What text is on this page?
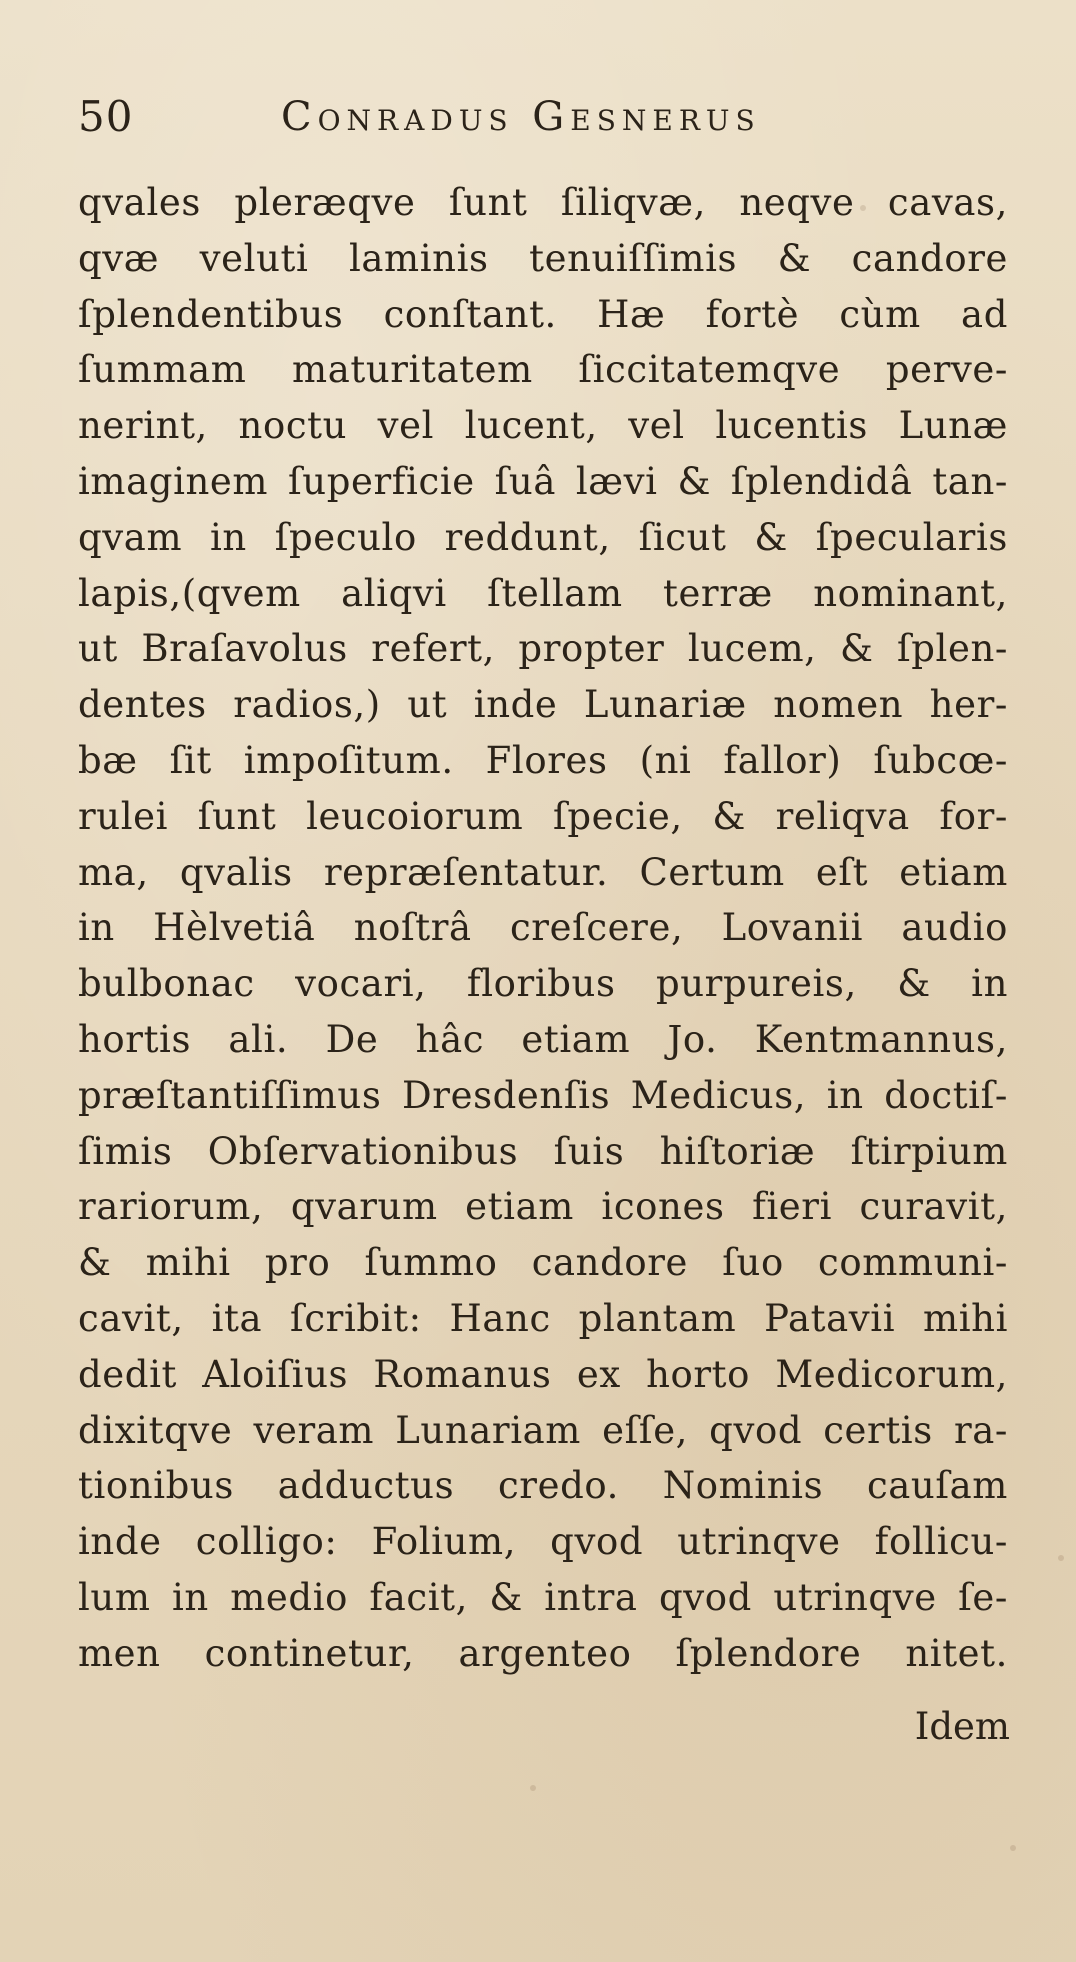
50	Conradus Gesnerus
qvales pleræqve ſunt ſiliqvæ, neqve cavas,
qvæ veluti laminis tenuiſſimis & candore
ſplendentibus conſtant. Hæ fortè cùm ad
ſummam maturitatem ſiccitatemqve perve-
nerint, noctu vel lucent, vel lucentis Lunæ
imaginem ſuperficie ſuâ lævi & ſplendidâ tan-
qvam in ſpeculo reddunt, ſicut & ſpecularis
lapis,(qvem aliqvi ſtellam terræ nominant,
ut Braſavolus refert, propter lucem, & ſplen-
dentes radios,) ut inde Lunariæ nomen her-
bæ ſit impoſitum. Flores (ni fallor) ſubcœ-
rulei ſunt leucoiorum ſpecie, & reliqva for-
ma, qvalis repræſentatur. Certum eſt etiam
in Hèlvetiâ noſtrâ creſcere, Lovanii audio
bulbonac vocari, floribus purpureis, & in
hortis ali. De hâc etiam Jo. Kentmannus,
præſtantiſſimus Dresdenſis Medicus, in doctiſ-
ſimis Obſervationibus ſuis hiſtoriæ ſtirpium
rariorum, qvarum etiam icones fieri curavit,
& mihi pro ſummo candore ſuo communi-
cavit, ita ſcribit: Hanc plantam Patavii mihi
dedit Aloiſius Romanus ex horto Medicorum,
dixitqve veram Lunariam eſſe, qvod certis ra-
tionibus adductus credo. Nominis cauſam
inde colligo: Folium, qvod utrinqve follicu-
lum in medio facit, & intra qvod utrinqve ſe-
men continetur, argenteo ſplendore nitet.
Idem
